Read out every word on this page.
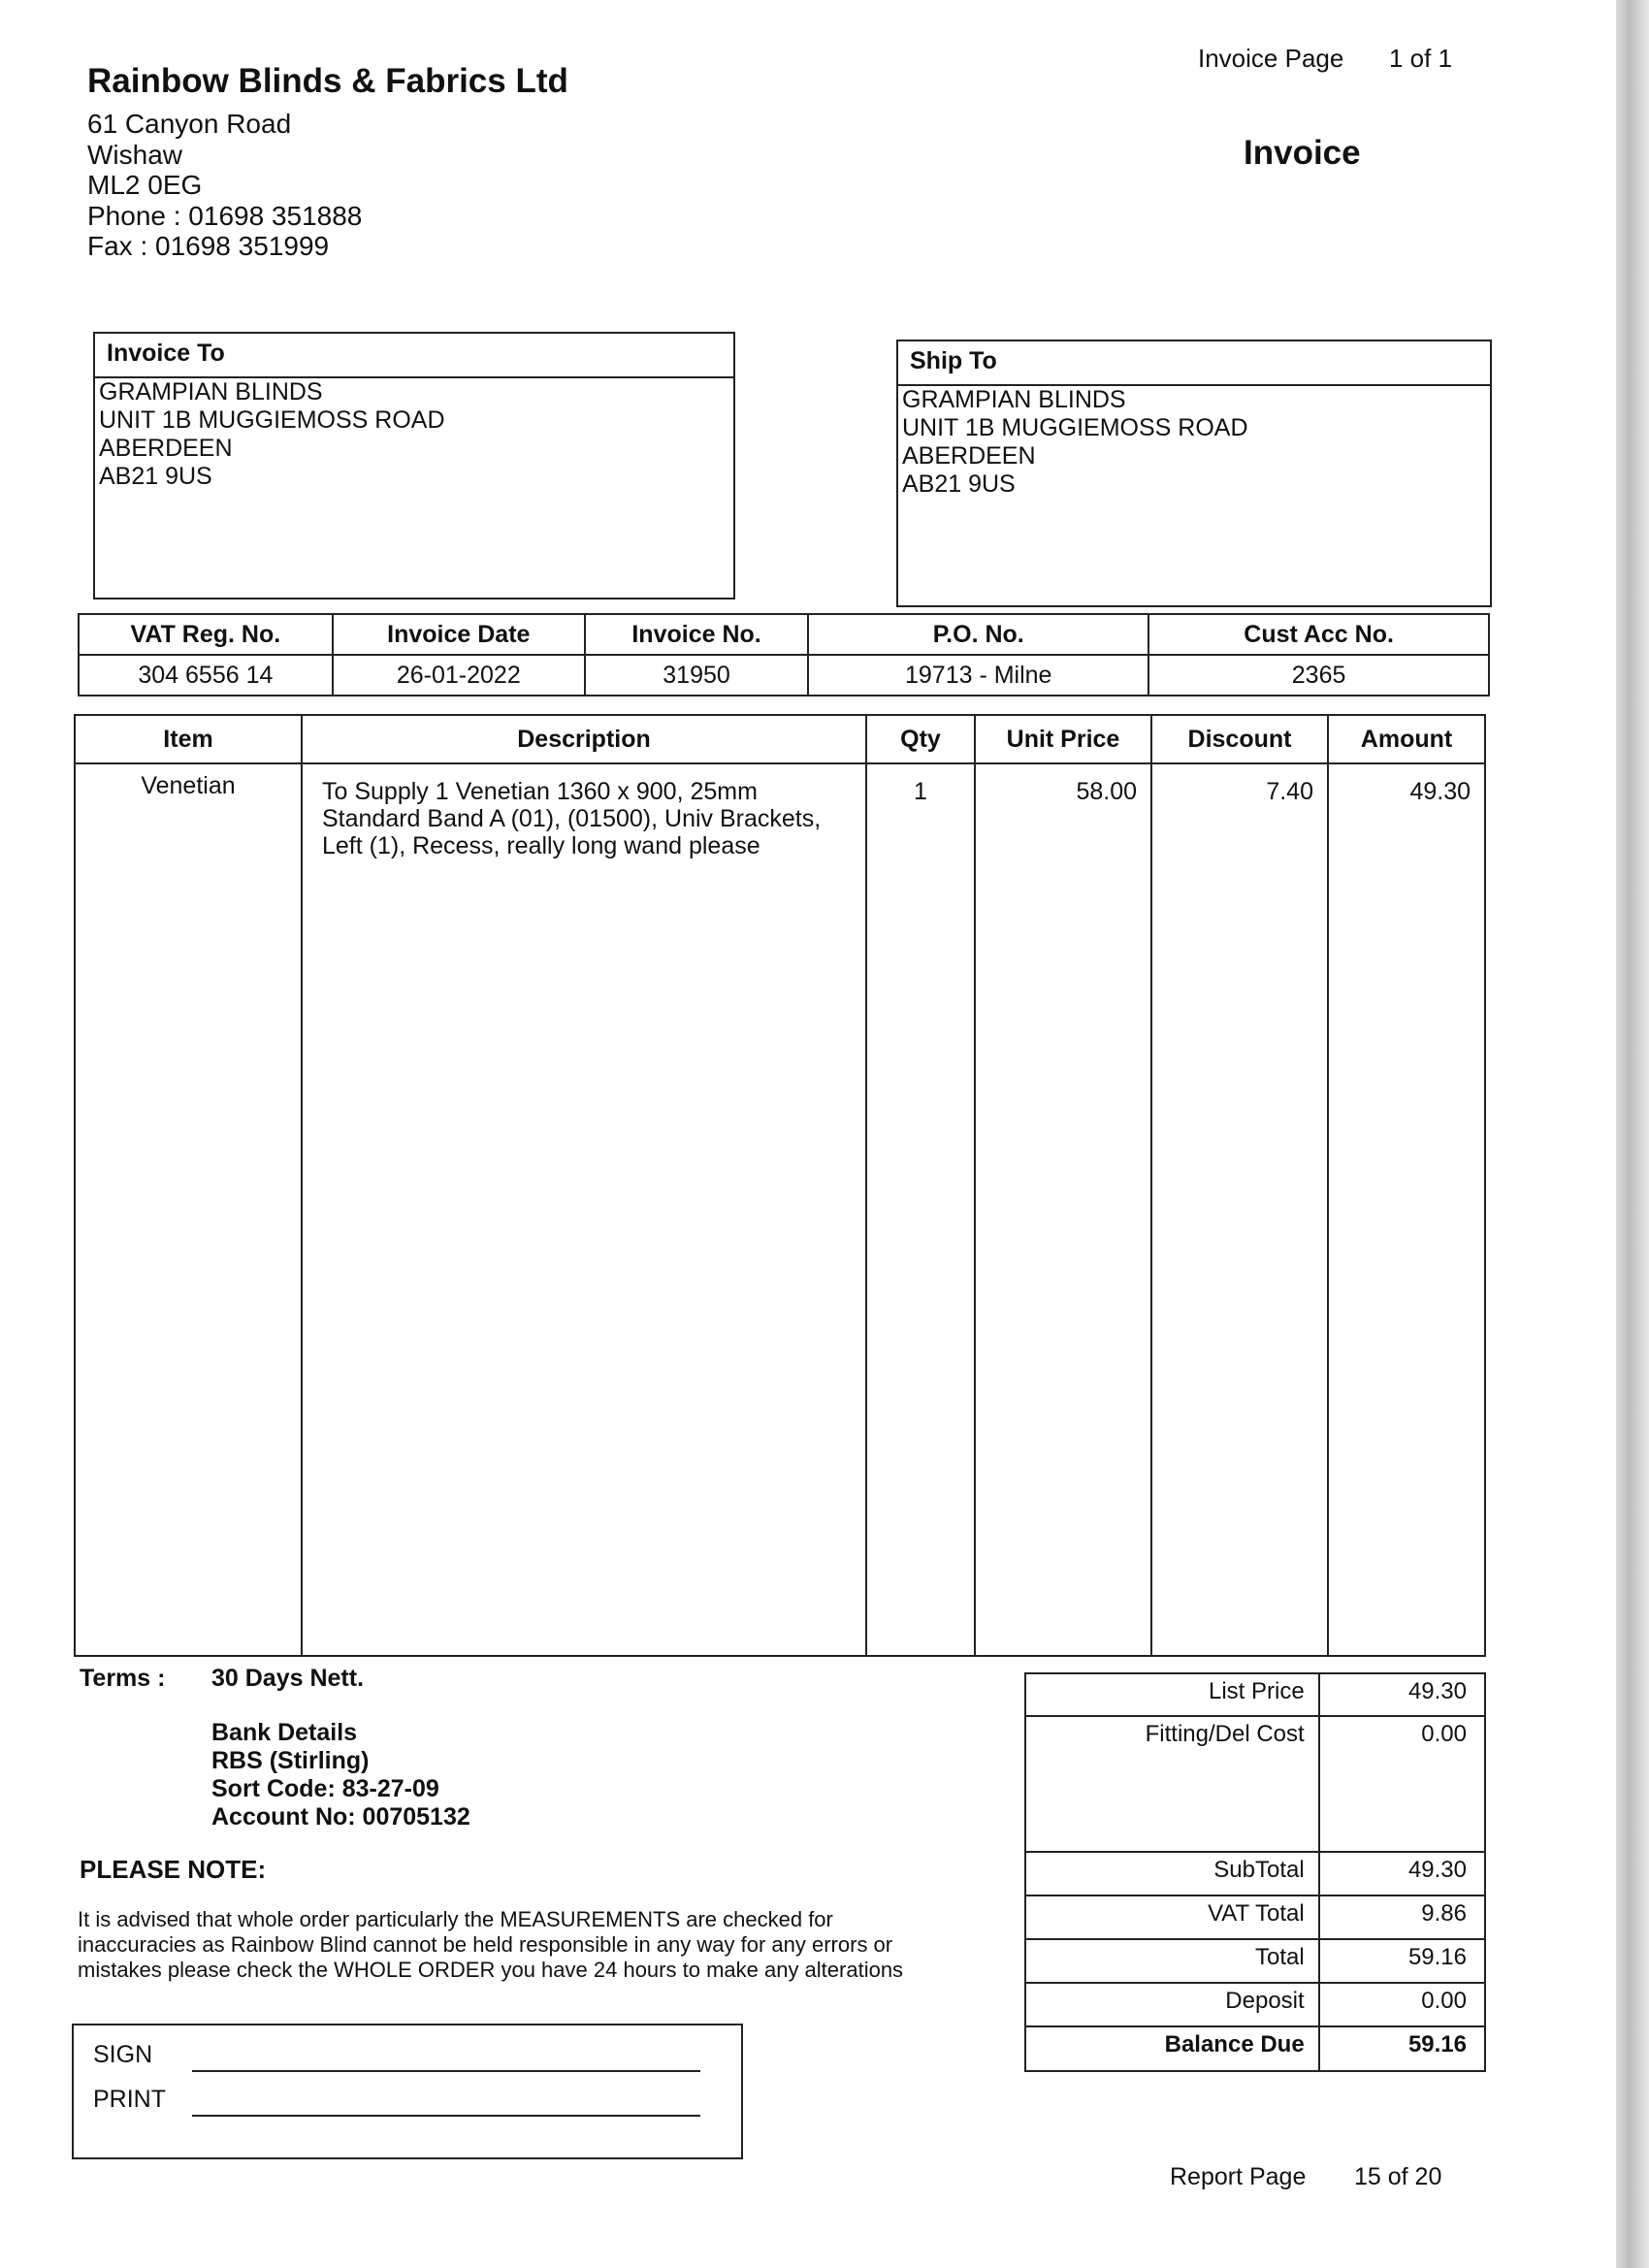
Rainbow Blinds & Fabrics Ltd
61 Canyon Road
Wishaw
ML2 0EG
Phone : 01698 351888
Fax : 01698 351999
Invoice Page 1 of 1
Invoice
Invoice To
GRAMPIAN BLINDS
UNIT 1B MUGGIEMOSS ROAD
ABERDEEN
AB21 9US
Ship To
GRAMPIAN BLINDS
UNIT 1B MUGGIEMOSS ROAD
ABERDEEN
AB21 9US
VAT Reg. No.	Invoice Date	Invoice No.	P.O. No.	Cust Acc No.
304 6556 14	26-01-2022	31950	19713 - Milne	2365
Item	Description	Qty	Unit Price	Discount	Amount
Venetian	To Supply 1 Venetian 1360 x 900, 25mm
Standard Band A (01), (01500), Univ Brackets,
Left (1), Recess, really long wand please	1	58.00	7.40	49.30
Terms : 30 Days Nett.
Bank Details
RBS (Stirling)
Sort Code: 83-27-09
Account No: 00705132
PLEASE NOTE:
It is advised that whole order particularly the MEASUREMENTS are checked for
inaccuracies as Rainbow Blind cannot be held responsible in any way for any errors or
mistakes please check the WHOLE ORDER you have 24 hours to make any alterations
List Price	49.30
Fitting/Del Cost	0.00
SubTotal	49.30
VAT Total	9.86
Total	59.16
Deposit	0.00
Balance Due	59.16
SIGN
PRINT
Report Page 15 of 20
